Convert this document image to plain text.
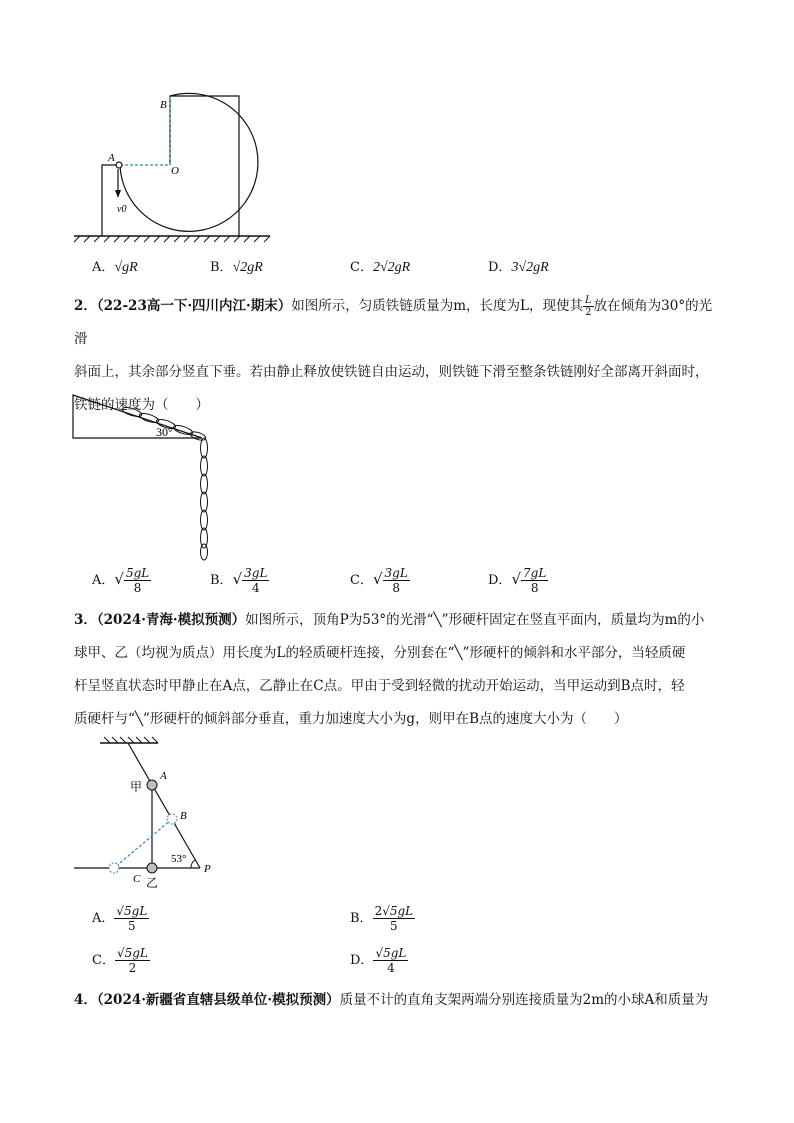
A
B
O
v0
A．√gR	B．√2gR	C．2√2gR	D．3√2gR
2．（22-23高一下·四川内江·期末）如图所示，匀质铁链质量为m，长度为L，现使其 $\frac{L}{2}$ 放在倾角为30°的光滑
斜面上，其余部分竖直下垂。若由静止释放使铁链自由运动，则铁链下滑至整条铁链刚好全部离开斜面时，
铁链的速度为（　　）
30°
A．√ $\frac{5gL}{8}$	B．√ $\frac{3gL}{4}$	C．√ $\frac{3gL}{8}$	D．√ $\frac{7gL}{8}$
3．（2024·青海·模拟预测）如图所示，顶角P为53°的光滑“╲”形硬杆固定在竖直平面内，质量均为m的小
球甲、乙（均视为质点）用长度为L的轻质硬杆连接，分别套在“╲”形硬杆的倾斜和水平部分，当轻质硬
杆呈竖直状态时甲静止在A点，乙静止在C点。甲由于受到轻微的扰动开始运动，当甲运动到B点时，轻
质硬杆与“╲”形硬杆的倾斜部分垂直，重力加速度大小为g，则甲在B点的速度大小为（　　）
甲
A
B
53°
C 乙
P
A． $\frac{√5gL}{5}$	B． $\frac{2√5gL}{5}$
C． $\frac{√5gL}{2}$	D． $\frac{√5gL}{4}$
4．（2024·新疆省直辖县级单位·模拟预测）质量不计的直角支架两端分别连接质量为2m的小球A和质量为
